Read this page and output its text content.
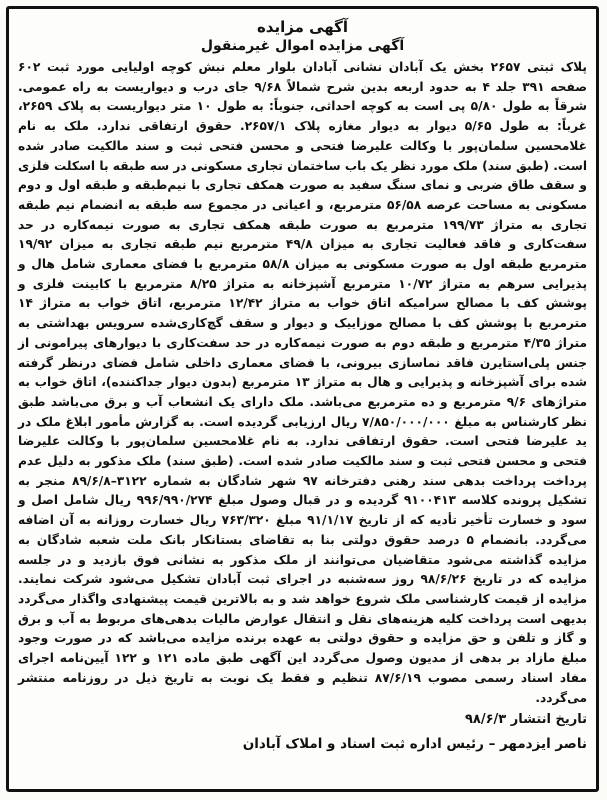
آگهی مزایده
آگهی مزایده اموال غیرمنقول

پلاک ثبتی ۲۶۵۷ بخش یک آبادان نشانی آبادان بلوار معلم نبش کوچه اولیایی مورد ثبت ۶۰۲ صفحه ۳۹۱ جلد ۴ به حدود اربعه بدین شرح شمالاً ۹/۶۸ جای درب و دیواریست به راه عمومی. شرقاً به طول ۵/۸۰ پی است به کوچه احداثی، جنوباً: به طول ۱۰ متر دیواریست به پلاک ۲۶۵۹، غرباً: به طول ۵/۶۵ دیوار به دیوار مغازه پلاک ۲۶۵۷/۱. حقوق ارتفاقی ندارد. ملک به نام غلامحسین سلمان‌پور با وکالت علیرضا فتحی و محسن فتحی ثبت و سند مالکیت صادر شده است. (طبق سند) ملک مورد نظر یک باب ساختمان تجاری مسکونی در سه طبقه با اسکلت فلزی و سقف طاق ضربی و نمای سنگ سفید به صورت همکف تجاری با نیم‌طبقه و طبقه اول و دوم مسکونی به مساحت عرصه ۵۶/۵۸ مترمربع، و اعیانی در مجموع سه طبقه به انضمام نیم طبقه تجاری به متراژ ۱۹۹/۷۳ مترمربع به صورت طبقه همکف تجاری به صورت نیمه‌کاره در حد سفت‌کاری و فاقد فعالیت تجاری به میزان ۴۹/۸ مترمربع نیم طبقه تجاری به میزان ۱۹/۹۲ مترمربع طبقه اول به صورت مسکونی به میزان ۵۸/۸ مترمربع با فضای معماری شامل هال و پذیرایی سرهم به متراژ ۱۰/۷۲ مترمربع آشپزخانه به متراژ ۸/۲۵ مترمربع با کابینت فلزی و پوشش کف با مصالح سرامیکه اتاق خواب به متراژ ۱۲/۴۲ مترمربع، اتاق خواب به متراژ ۱۴ مترمربع با پوشش کف با مصالح موزاییک و دیوار و سقف گچ‌کاری‌شده سرویس بهداشتی به متراژ ۴/۳۵ مترمربع و طبقه دوم به صورت نیمه‌کاره در حد سفت‌کاری با دیوارهای پیرامونی از جنس پلی‌استایرن فاقد نماسازی بیرونی، با فضای معماری داخلی شامل فضای درنظر گرفته شده برای آشپزخانه و پذیرایی و هال به متراژ ۱۳ مترمربع (بدون دیوار جداکننده)، اتاق خواب به متراژهای ۹/۶ مترمربع و ده مترمربع می‌باشد. ملک دارای یک انشعاب آب و برق می‌باشد طبق نظر کارشناس به مبلغ ۷/۸۵۰/۰۰۰/۰۰۰ ریال ارزیابی گردیده است. به گزارش مأمور ابلاغ ملک در ید علیرضا فتحی است. حقوق ارتفاقی ندارد. به نام غلامحسین سلمان‌پور با وکالت علیرضا فتحی و محسن فتحی ثبت و سند مالکیت صادر شده است. (طبق سند) ملک مذکور به دلیل عدم پرداخت پرداخت بدهی سند رهنی دفترخانه ۹۷ شهر شادگان به شماره ۳۱۲۲–۸۹/۶/۸ منجر به تشکیل پرونده کلاسه ۹۱۰۰۴۱۳ گردیده و در قبال وصول مبلغ ۹۹۶/۹۹۰/۲۷۴ ریال شامل اصل و سود و خسارت تأخیر تأدیه که از تاریخ ۹۱/۱/۱۷ مبلغ ۷۶۳/۳۲۰ ریال خسارت روزانه به آن اضافه می‌گردد. بانضمام ۵ درصد حقوق دولتی بنا به تقاضای بستانکار بانک ملت شعبه شادگان به مزایده گذاشته می‌شود متقاضیان می‌توانند از ملک مذکور به نشانی فوق بازدید و در جلسه مزایده که در تاریخ ۹۸/۶/۲۶ روز سه‌شنبه در اجرای ثبت آبادان تشکیل می‌شود شرکت نمایند. مزایده از قیمت کارشناسی ملک شروع خواهد شد و به بالاترین قیمت پیشنهادی واگذار می‌گردد بدیهی است پرداخت کلیه هزینه‌های نقل و انتقال عوارض مالیات بدهی‌های مربوط به آب و برق و گاز و تلفن و حق مزایده و حقوق دولتی به عهده برنده مزایده می‌باشد که در صورت وجود مبلغ مازاد بر بدهی از مدیون وصول می‌گردد این آگهی طبق ماده ۱۲۱ و ۱۲۲ آیین‌نامه اجرای مفاد اسناد رسمی مصوب ۸۷/۶/۱۹ تنظیم و فقط یک نوبت به تاریخ ذیل در روزنامه منتشر می‌گردد.

تاریخ انتشار ۹۸/۶/۳

ناصر ایزدمهر – رئیس اداره ثبت اسناد و املاک آبادان
